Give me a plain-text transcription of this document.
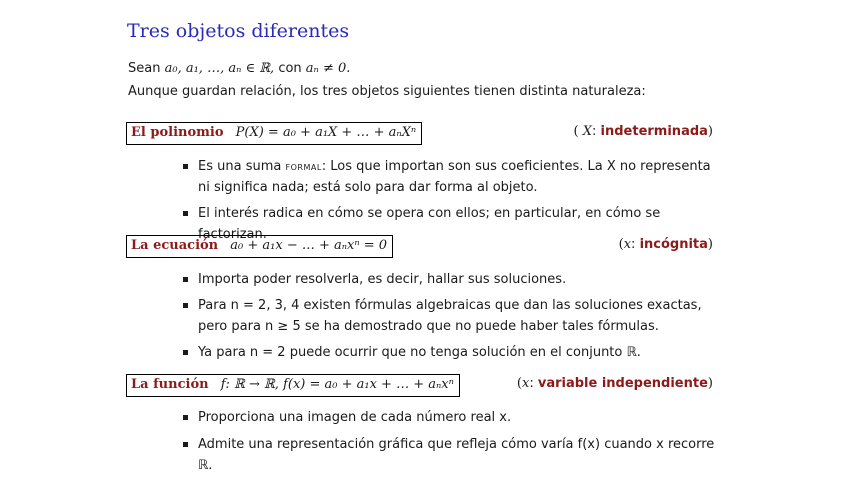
Tres objetos diferentes
Sean a₀, a₁, …, aₙ ∈ ℝ, con aₙ ≠ 0.
Aunque guardan relación, los tres objetos siguientes tienen distinta naturaleza:
El polinomio P(X) = a₀ + a₁X + … + aₙXⁿ	( X: indeterminada)
Es una suma formal: Los que importan son sus coeficientes. La X no representa ni significa nada; está solo para dar forma al objeto.
El interés radica en cómo se opera con ellos; en particular, en cómo se factorizan.
La ecuación a₀ + a₁x − … + aₙxⁿ = 0	(x: incógnita)
Importa poder resolverla, es decir, hallar sus soluciones.
Para n = 2, 3, 4 existen fórmulas algebraicas que dan las soluciones exactas, pero para n ≥ 5 se ha demostrado que no puede haber tales fórmulas.
Ya para n = 2 puede ocurrir que no tenga solución en el conjunto ℝ.
La función f: ℝ → ℝ, f(x) = a₀ + a₁x + … + aₙxⁿ	(x: variable independiente)
Proporciona una imagen de cada número real x.
Admite una representación gráfica que refleja cómo varía f(x) cuando x recorre ℝ.
